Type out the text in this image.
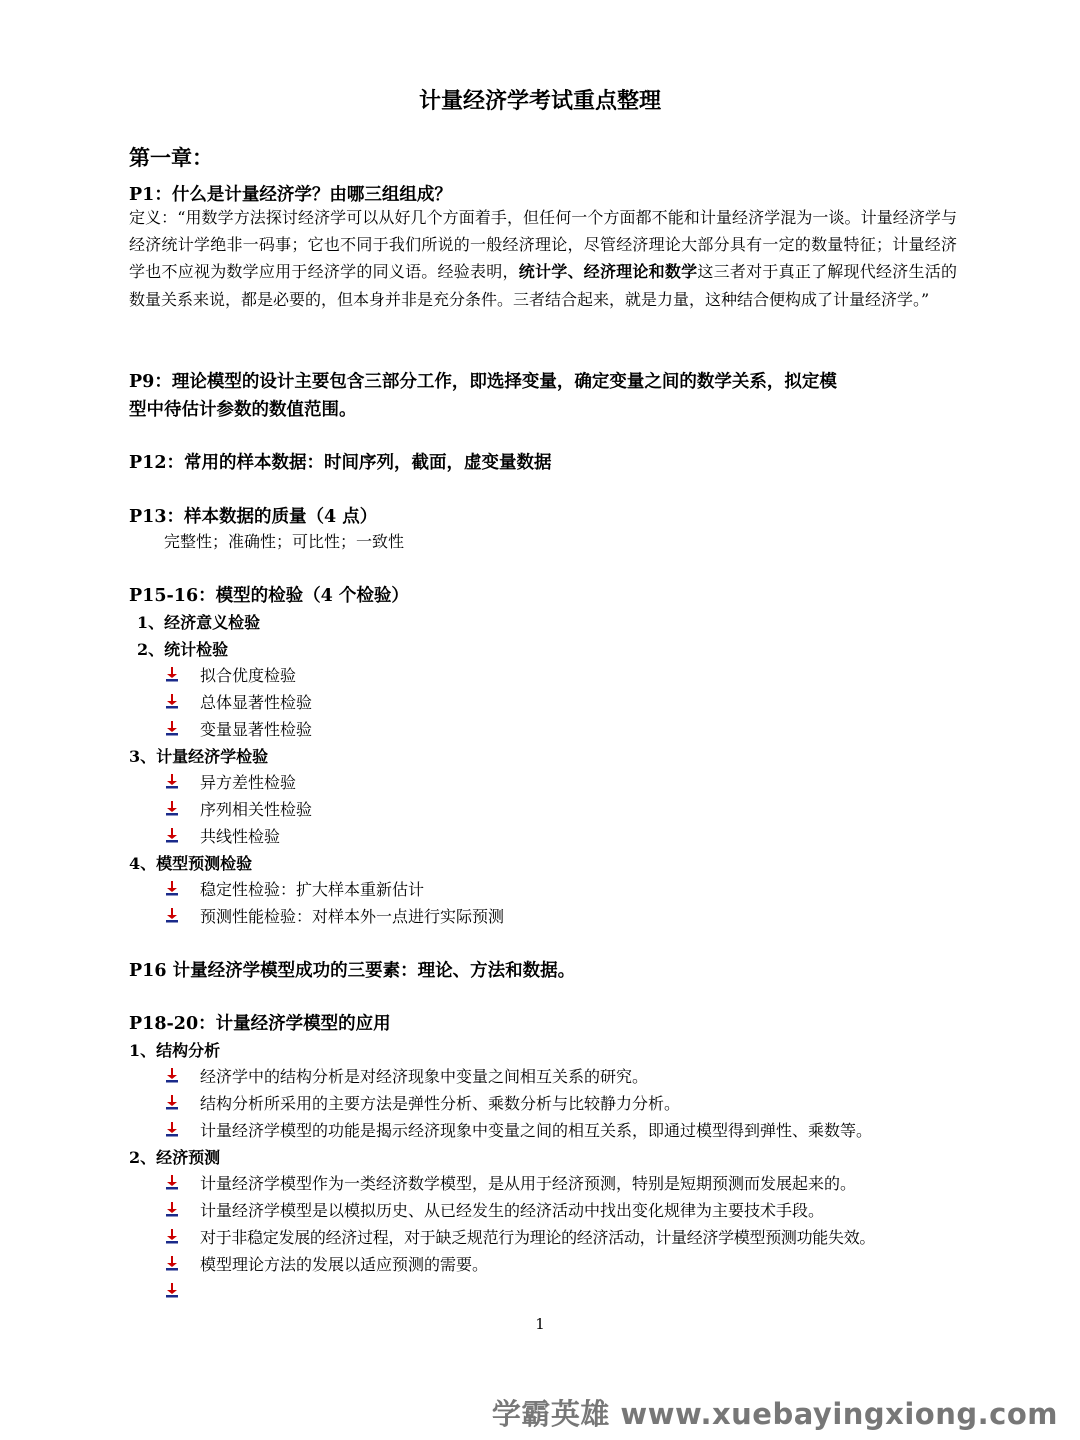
计量经济学考试重点整理
第一章：
P1：什么是计量经济学？由哪三组组成？
定义：“用数学方法探讨经济学可以从好几个方面着手，但任何一个方面都不能和计量经济学混为一谈。计量经济学与经济统计学绝非一码事；它也不同于我们所说的一般经济理论，尽管经济理论大部分具有一定的数量特征；计量经济学也不应视为数学应用于经济学的同义语。经验表明，统计学、经济理论和数学这三者对于真正了解现代经济生活的数量关系来说，都是必要的，但本身并非是充分条件。三者结合起来，就是力量，这种结合便构成了计量经济学。”
P9：理论模型的设计主要包含三部分工作，即选择变量，确定变量之间的数学关系，拟定模
型中待估计参数的数值范围。
P12：常用的样本数据：时间序列，截面，虚变量数据
P13：样本数据的质量（4 点）
完整性；准确性；可比性；一致性
P15-16：模型的检验（4 个检验）
1、经济意义检验
2、统计检验
拟合优度检验
总体显著性检验
变量显著性检验
3、计量经济学检验
异方差性检验
序列相关性检验
共线性检验
4、模型预测检验
稳定性检验：扩大样本重新估计
预测性能检验：对样本外一点进行实际预测
P16 计量经济学模型成功的三要素：理论、方法和数据。
P18-20：计量经济学模型的应用
1、结构分析
经济学中的结构分析是对经济现象中变量之间相互关系的研究。
结构分析所采用的主要方法是弹性分析、乘数分析与比较静力分析。
计量经济学模型的功能是揭示经济现象中变量之间的相互关系，即通过模型得到弹性、乘数等。
2、经济预测
计量经济学模型作为一类经济数学模型，是从用于经济预测，特别是短期预测而发展起来的。
计量经济学模型是以模拟历史、从已经发生的经济活动中找出变化规律为主要技术手段。
对于非稳定发展的经济过程，对于缺乏规范行为理论的经济活动，计量经济学模型预测功能失效。
模型理论方法的发展以适应预测的需要。
1
学霸英雄 www.xuebayingxiong.com
